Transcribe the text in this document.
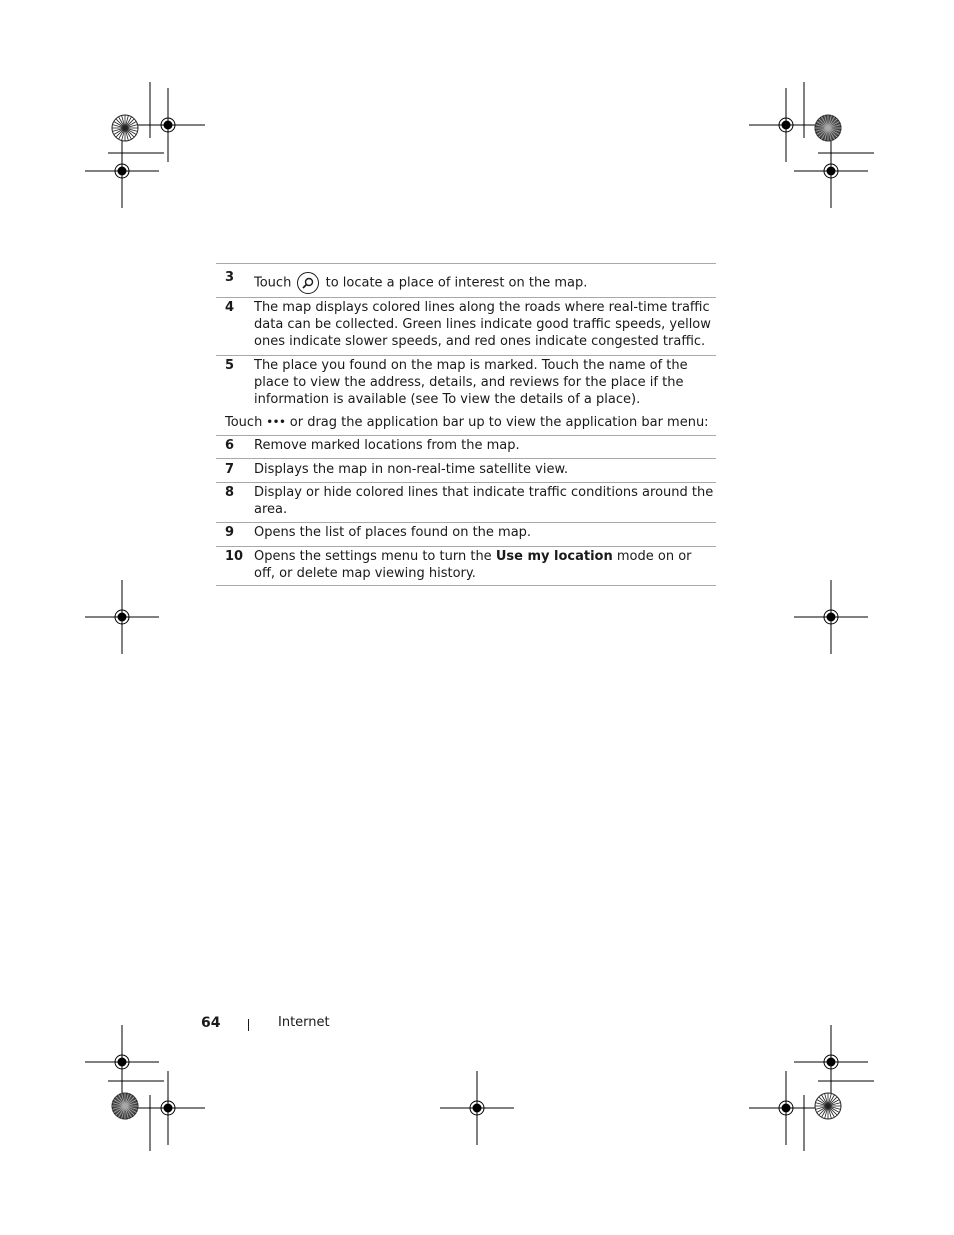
3	Touch	to locate a place of interest on the map.
4	The map displays colored lines along the roads where real-time traffic data can be collected. Green lines indicate good traffic speeds, yellow ones indicate slower speeds, and red ones indicate congested traffic.
5	The place you found on the map is marked. Touch the name of the place to view the address, details, and reviews for the place if the information is available (see To view the details of a place).
Touch ••• or drag the application bar up to view the application bar menu:
6	Remove marked locations from the map.
7	Displays the map in non-real-time satellite view.
8	Display or hide colored lines that indicate traffic conditions around the area.
9	Opens the list of places found on the map.
10 Opens the settings menu to turn the Use my location mode on or off, or delete map viewing history.
64	Internet
